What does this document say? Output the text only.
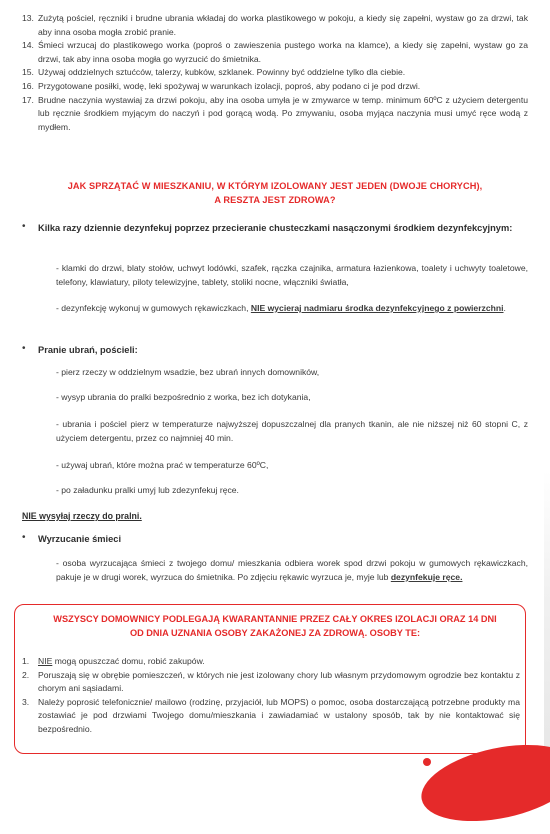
13. Zużytą pościel, ręczniki i brudne ubrania wkładaj do worka plastikowego w pokoju, a kiedy się zapełni, wystaw go za drzwi, tak aby inna osoba mogła zrobić pranie.
14. Śmieci wrzucaj do plastikowego worka (poproś o zawieszenia pustego worka na klamce), a kiedy się zapełni, wystaw go za drzwi, tak aby inna osoba mogła go wyrzucić do śmietnika.
15. Używaj oddzielnych sztućców, talerzy, kubków, szklanek. Powinny być oddzielne tylko dla ciebie.
16. Przygotowane posiłki, wodę, leki spożywaj w warunkach izolacji, poproś, aby podano ci je pod drzwi.
17. Brudne naczynia wystawiaj za drzwi pokoju, aby ina osoba umyła je w zmywarce w temp. minimum 60ºC z użyciem detergentu lub ręcznie środkiem myjącym do naczyń i pod gorącą wodą. Po zmywaniu, osoba myjąca naczynia musi umyć ręce wodą z mydłem.
JAK SPRZĄTAĆ W MIESZKANIU, W KTÓRYM IZOLOWANY JEST JEDEN (DWOJE CHORYCH),
A RESZTA JEST ZDROWA?
• Kilka razy dziennie dezynfekuj poprzez przecieranie chusteczkami nasączonymi środkiem dezynfekcyjnym:
- klamki do drzwi, blaty stołów, uchwyt lodówki, szafek, rączka czajnika, armatura łazienkowa, toalety i uchwyty toaletowe, telefony, klawiatury, piloty telewizyjne, tablety, stoliki nocne, włączniki światła,
- dezynfekcję wykonuj w gumowych rękawiczkach, NIE wycieraj nadmiaru środka dezynfekcyjnego z powierzchni.
• Pranie ubrań, pościeli:
- pierz rzeczy w oddzielnym wsadzie, bez ubrań innych domowników,
- wysyp ubrania do pralki bezpośrednio z worka, bez ich dotykania,
- ubrania i pościel pierz w temperaturze najwyższej dopuszczalnej dla pranych tkanin, ale nie niższej niż 60 stopni C, z użyciem detergentu, przez co najmniej 40 min.
- używaj ubrań, które można prać w temperaturze 60ºC,
- po załadunku pralki umyj lub zdezynfekuj ręce.
NIE wysyłaj rzeczy do pralni.
• Wyrzucanie śmieci
- osoba wyrzucająca śmieci z twojego domu/ mieszkania odbiera worek spod drzwi pokoju w gumowych rękawiczkach, pakuje je w drugi worek, wyrzuca do śmietnika. Po zdjęciu rękawic wyrzuca je, myje lub dezynfekuje ręce.
WSZYSCY DOMOWNICY PODLEGAJĄ KWARANTANNIE PRZEZ CAŁY OKRES IZOLACJI ORAZ 14 DNI
OD DNIA UZNANIA OSOBY ZAKAŻONEJ ZA ZDROWĄ. OSOBY TE:
1. NIE mogą opuszczać domu, robić zakupów.
2. Poruszają się w obrębie pomieszczeń, w których nie jest izolowany chory lub własnym przydomowym ogrodzie bez kontaktu z chorym ani sąsiadami.
3. Należy poprosić telefonicznie/ mailowo (rodzinę, przyjaciół, lub MOPS) o pomoc, osoba dostarczającą potrzebne produkty ma zostawiać je pod drzwiami Twojego domu/mieszkania i zawiadamiać w ustalony sposób, tak by nie kontaktować się bezpośrednio.
